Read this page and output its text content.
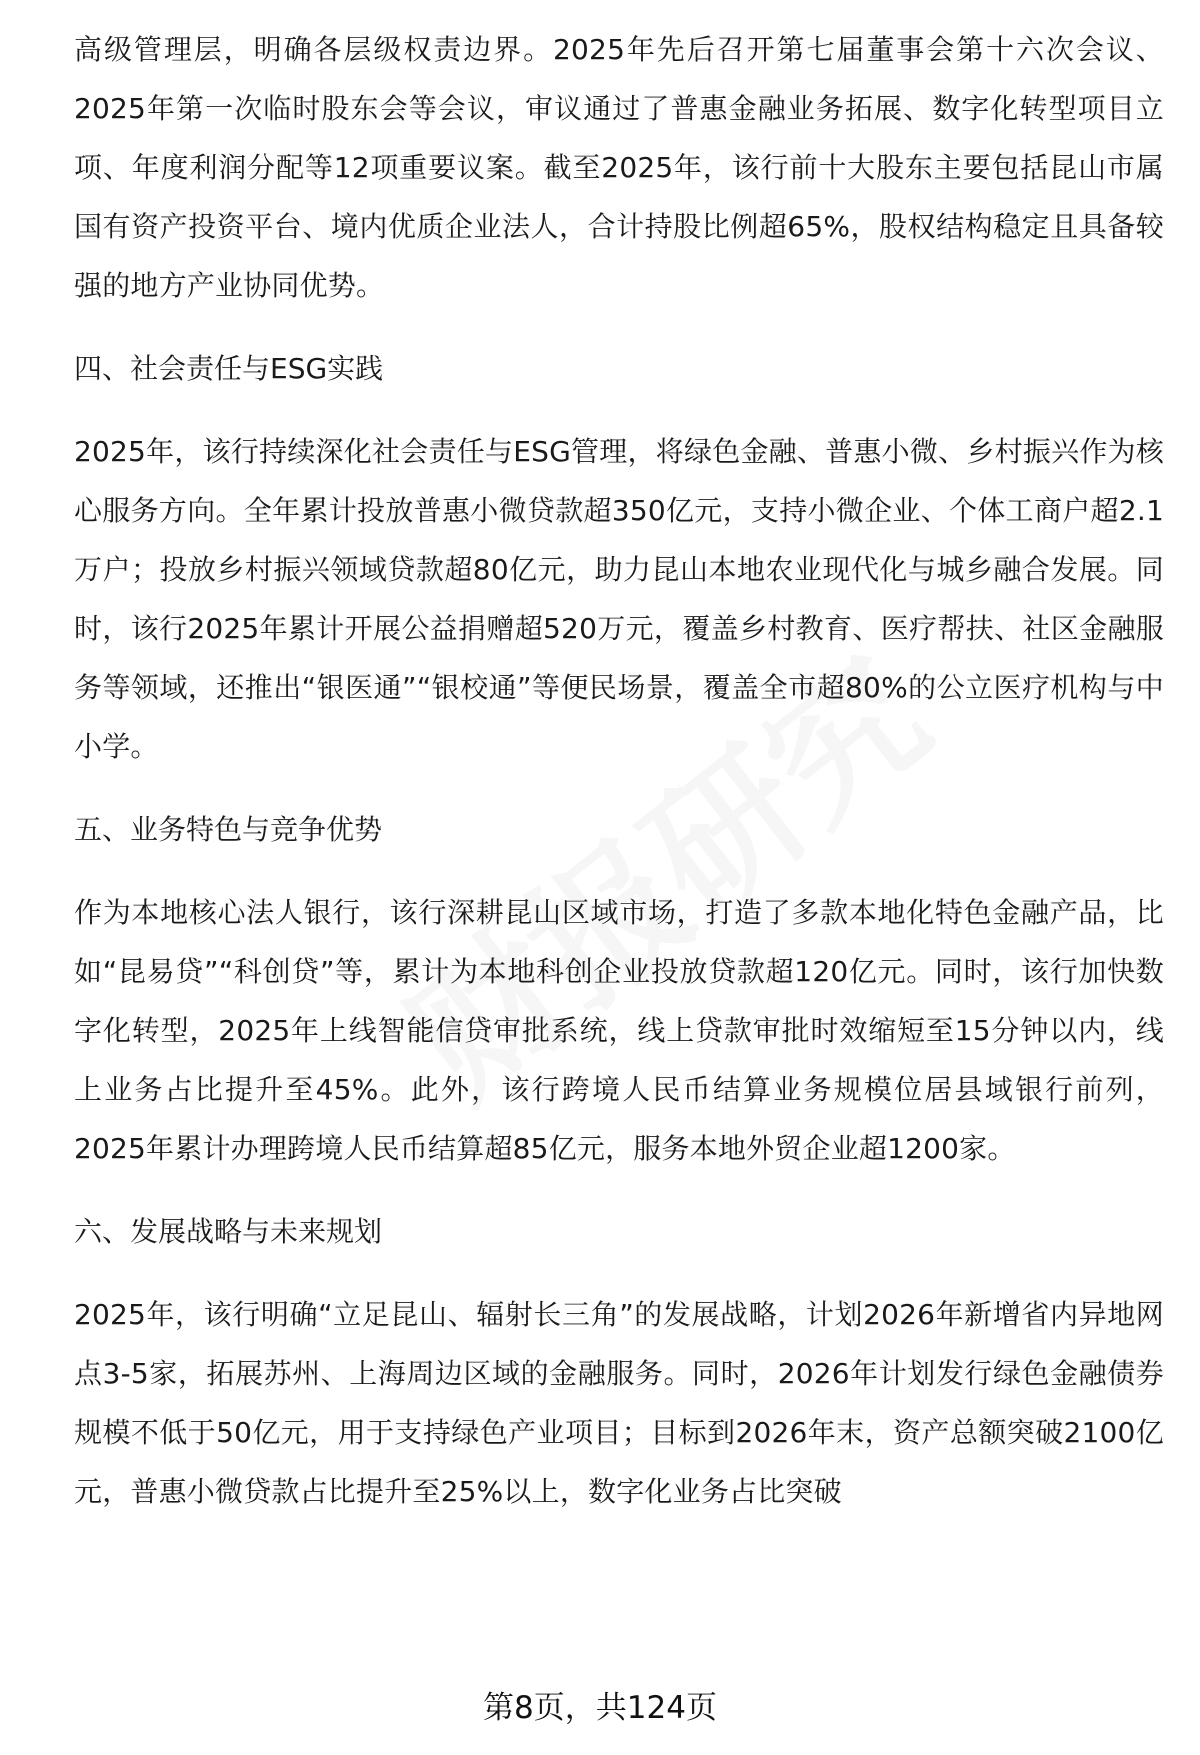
高级管理层，明确各层级权责边界。2025年先后召开第七届董事会第十六次会议、2025年第一次临时股东会等会议，审议通过了普惠金融业务拓展、数字化转型项目立项、年度利润分配等12项重要议案。截至2025年，该行前十大股东主要包括昆山市属国有资产投资平台、境内优质企业法人，合计持股比例超65%，股权结构稳定且具备较强的地方产业协同优势。

四、社会责任与ESG实践

2025年，该行持续深化社会责任与ESG管理，将绿色金融、普惠小微、乡村振兴作为核心服务方向。全年累计投放普惠小微贷款超350亿元，支持小微企业、个体工商户超2.1万户；投放乡村振兴领域贷款超80亿元，助力昆山本地农业现代化与城乡融合发展。同时，该行2025年累计开展公益捐赠超520万元，覆盖乡村教育、医疗帮扶、社区金融服务等领域，还推出“银医通”“银校通”等便民场景，覆盖全市超80%的公立医疗机构与中小学。

五、业务特色与竞争优势

作为本地核心法人银行，该行深耕昆山区域市场，打造了多款本地化特色金融产品，比如“昆易贷”“科创贷”等，累计为本地科创企业投放贷款超120亿元。同时，该行加快数字化转型，2025年上线智能信贷审批系统，线上贷款审批时效缩短至15分钟以内，线上业务占比提升至45%。此外，该行跨境人民币结算业务规模位居县域银行前列，2025年累计办理跨境人民币结算超85亿元，服务本地外贸企业超1200家。

六、发展战略与未来规划

2025年，该行明确“立足昆山、辐射长三角”的发展战略，计划2026年新增省内异地网点3-5家，拓展苏州、上海周边区域的金融服务。同时，2026年计划发行绿色金融债券规模不低于50亿元，用于支持绿色产业项目；目标到2026年末，资产总额突破2100亿元，普惠小微贷款占比提升至25%以上，数字化业务占比突破

第8页，共124页
